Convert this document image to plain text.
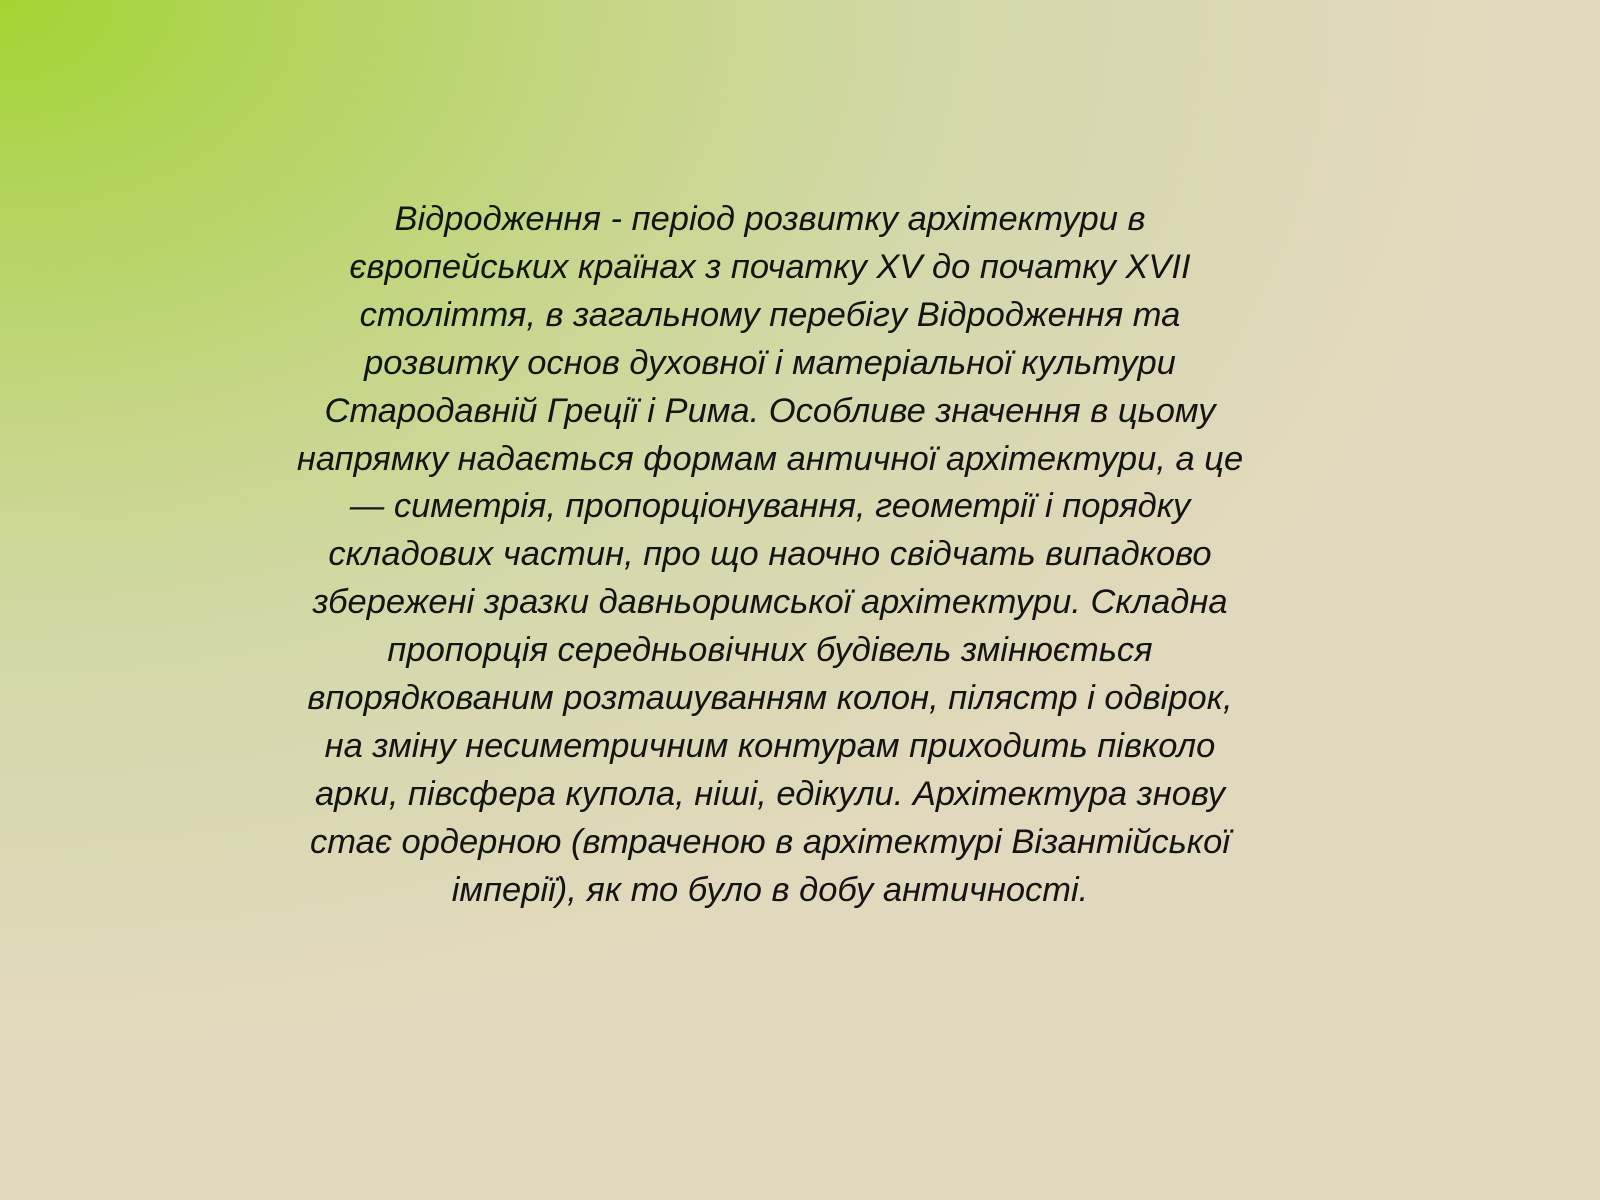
Відродження - період розвитку архітектури в
європейських країнах з початку XV до початку XVII
століття, в загальному перебігу Відродження та
розвитку основ духовної і матеріальної культури
Стародавній Греції і Рима. Особливе значення в цьому
напрямку надається формам античної архітектури, а це
— симетрія, пропорціонування, геометрії і порядку
складових частин, про що наочно свідчать випадково
збережені зразки давньоримської архітектури. Складна
пропорція середньовічних будівель змінюється
впорядкованим розташуванням колон, пілястр і одвірок,
на зміну несиметричним контурам приходить півколо
арки, півсфера купола, ніші, едікули. Архітектура знову
стає ордерною (втраченою в архітектурі Візантійської
імперії), як то було в добу античності.
